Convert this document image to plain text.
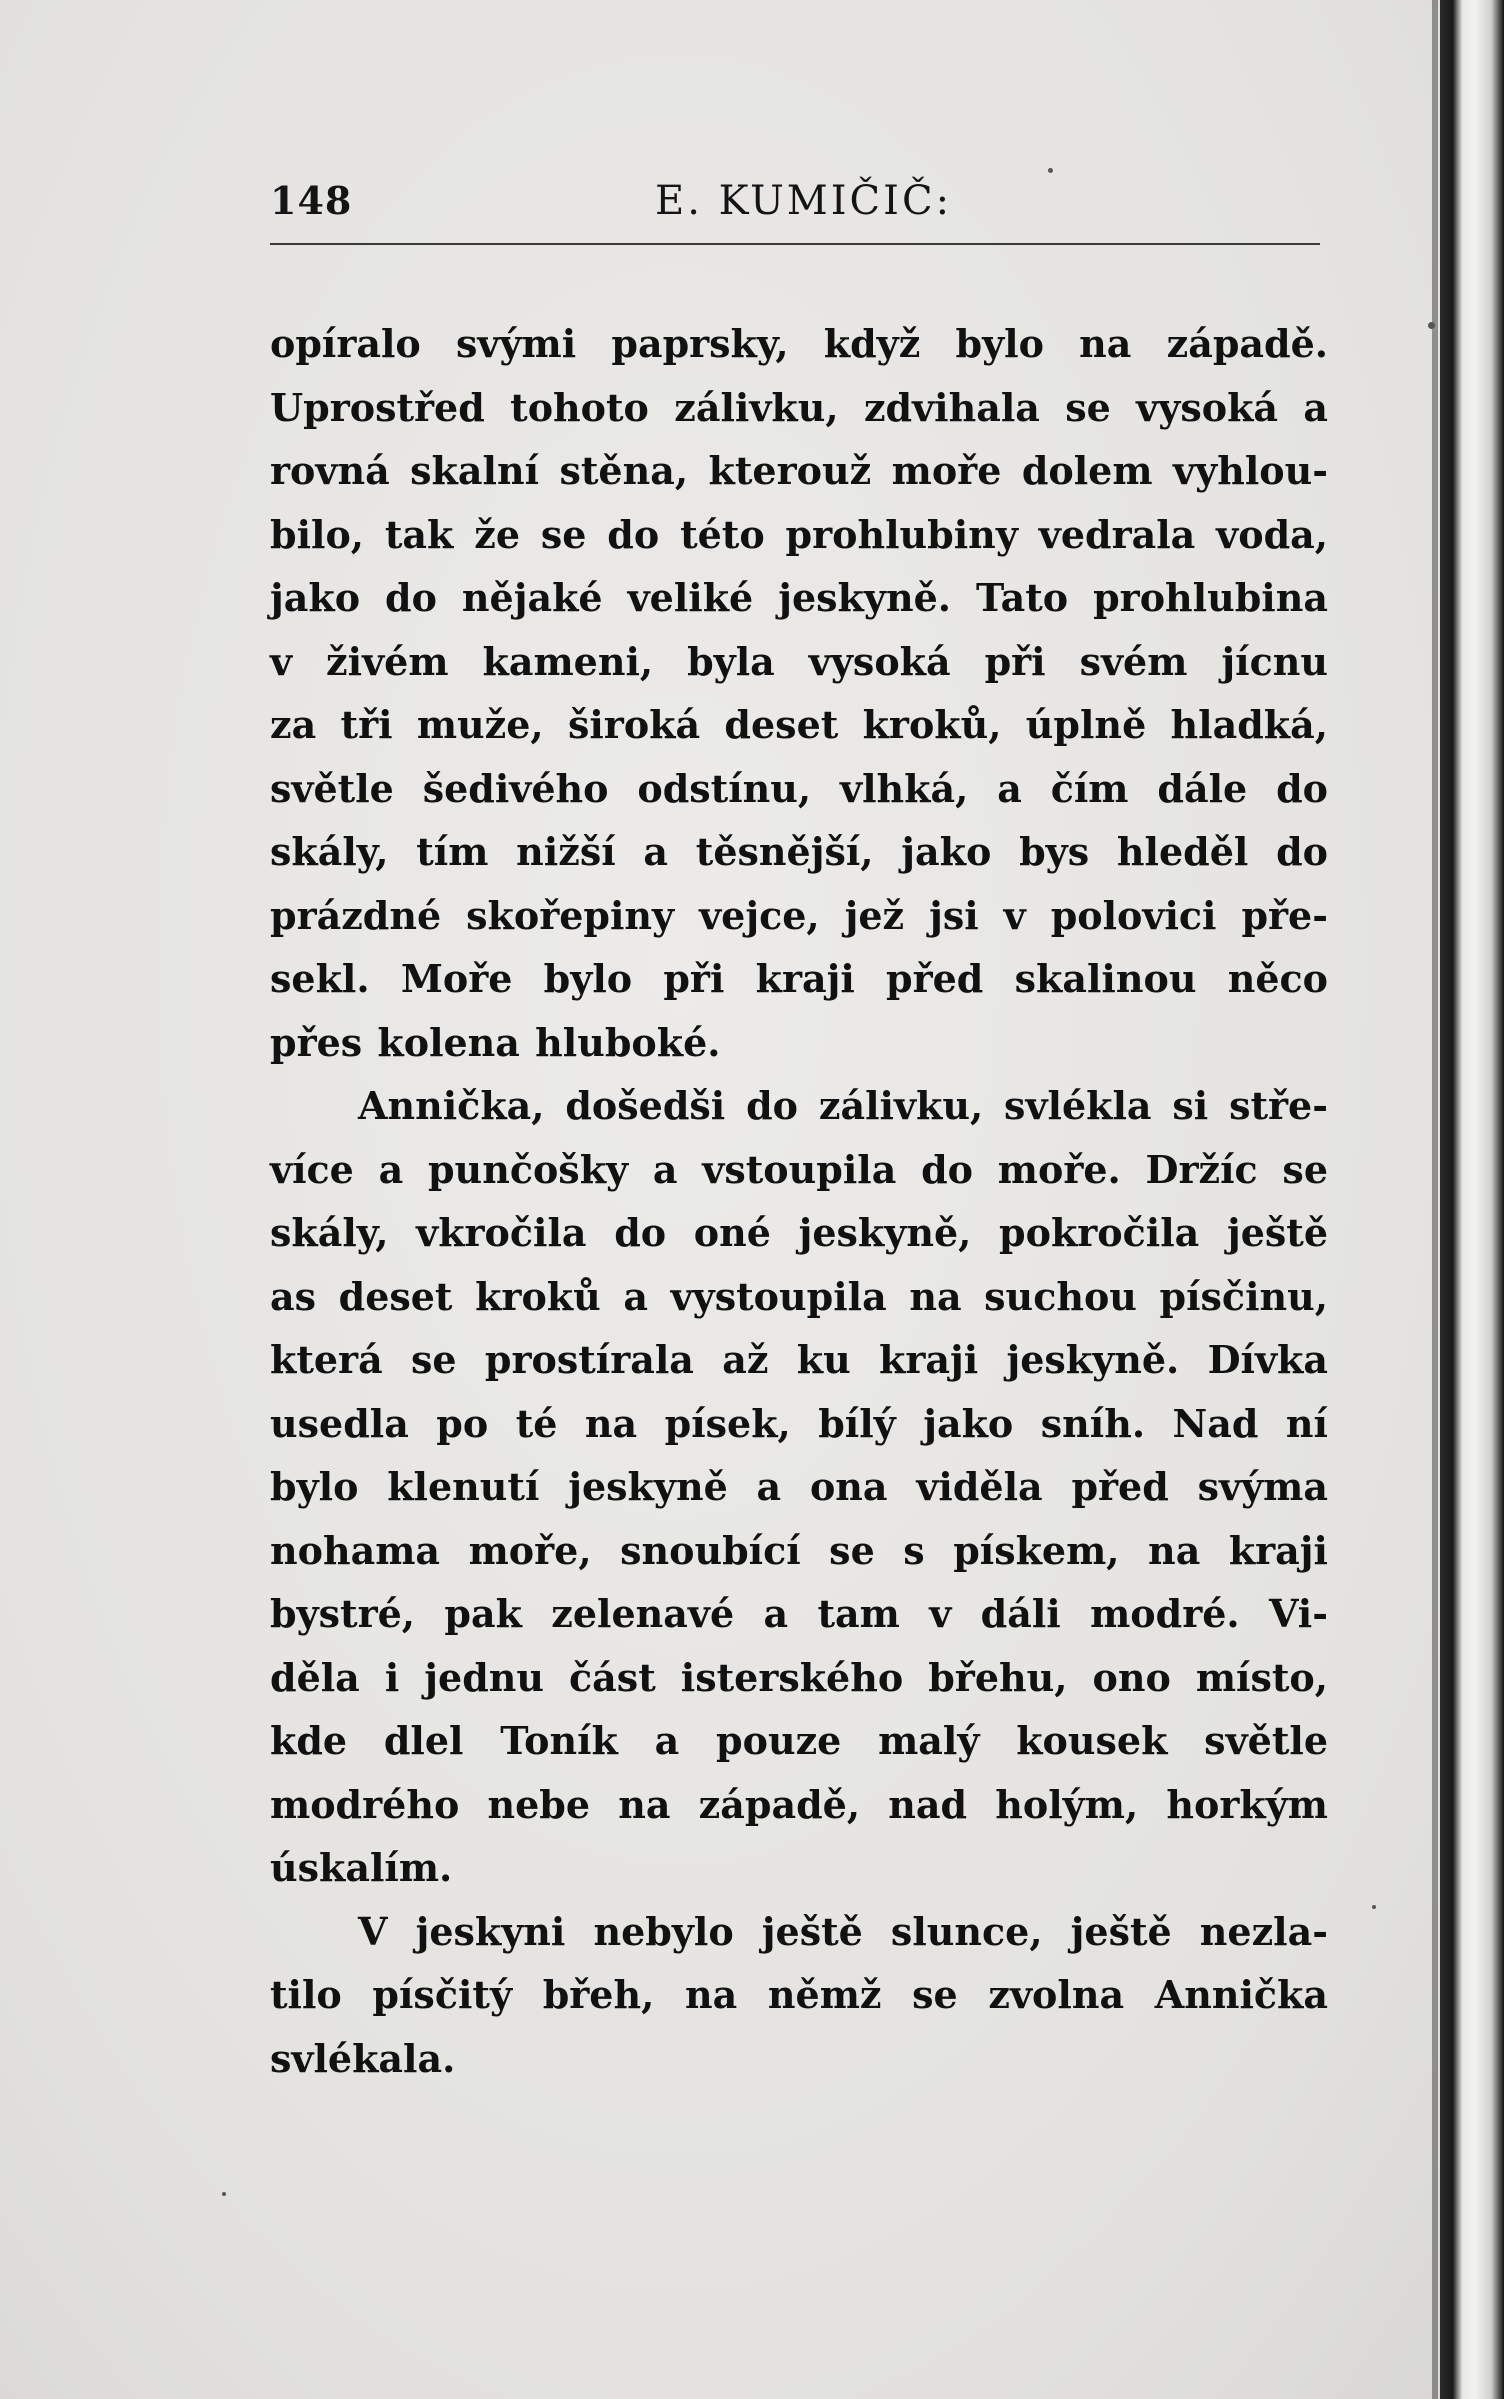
148	E. KUMIČIČ:
opíralo svými paprsky, když bylo na západě.
Uprostřed tohoto zálivku, zdvihala se vysoká a
rovná skalní stěna, kterouž moře dolem vyhlou-
bilo, tak že se do této prohlubiny vedrala voda,
jako do nějaké veliké jeskyně. Tato prohlubina
v živém kameni, byla vysoká při svém jícnu
za tři muže, široká deset kroků, úplně hladká,
světle šedivého odstínu, vlhká, a čím dále do
skály, tím nižší a těsnější, jako bys hleděl do
prázdné skořepiny vejce, jež jsi v polovici pře-
sekl. Moře bylo při kraji před skalinou něco
přes kolena hluboké.
Annička, došedši do zálivku, svlékla si stře-
více a punčošky a vstoupila do moře. Držíc se
skály, vkročila do oné jeskyně, pokročila ještě
as deset kroků a vystoupila na suchou písčinu,
která se prostírala až ku kraji jeskyně. Dívka
usedla po té na písek, bílý jako sníh. Nad ní
bylo klenutí jeskyně a ona viděla před svýma
nohama moře, snoubící se s pískem, na kraji
bystré, pak zelenavé a tam v dáli modré. Vi-
děla i jednu část isterského břehu, ono místo,
kde dlel Toník a pouze malý kousek světle
modrého nebe na západě, nad holým, horkým
úskalím.
V jeskyni nebylo ještě slunce, ještě nezla-
tilo písčitý břeh, na němž se zvolna Annička
svlékala.
